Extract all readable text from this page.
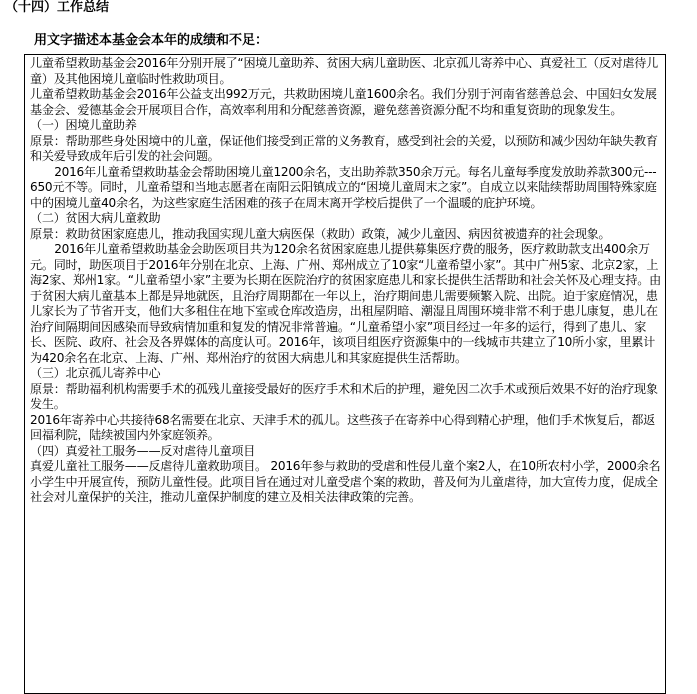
（十四）工作总结
用文字描述本基金会本年的成绩和不足：

儿童希望救助基金会2016年分别开展了“困境儿童助养、贫困大病儿童助医、北京孤儿寄养中心、真爱社工（反对虐待儿童）及其他困境儿童临时性救助项目。

儿童希望救助基金会2016年公益支出992万元，共救助困境儿童1600余名。我们分别于河南省慈善总会、中国妇女发展基金会、爱德基金会开展项目合作，高效率利用和分配慈善资源，避免慈善资源分配不均和重复资助的现象发生。

（一）困境儿童助养

原景：帮助那些身处困境中的儿童，保证他们接受到正常的义务教育，感受到社会的关爱，以预防和减少因幼年缺失教育和关爱导致成年后引发的社会问题。

2016年儿童希望救助基金会帮助困境儿童1200余名，支出助养款350余万元。每名儿童每季度发放助养款300元---650元不等。同时，儿童希望和当地志愿者在南阳云阳镇成立的“困境儿童周末之家”。自成立以来陆续帮助周围特殊家庭中的困境儿童40余名，为这些家庭生活困难的孩子在周末离开学校后提供了一个温暖的庇护环境。

（二）贫困大病儿童救助

原景：救助贫困家庭患儿，推动我国实现儿童大病医保（救助）政策，减少儿童因、病因贫被遗弃的社会现象。

2016年儿童希望救助基金会助医项目共为120余名贫困家庭患儿提供募集医疗费的服务，医疗救助款支出400余万元。同时，助医项目于2016年分别在北京、上海、广州、郑州成立了10家“儿童希望小家”。其中广州5家、北京2家，上海2家、郑州1家。“儿童希望小家”主要为长期在医院治疗的贫困家庭患儿和家长提供生活帮助和社会关怀及心理支持。由于贫困大病儿童基本上都是异地就医，且治疗周期都在一年以上，治疗期间患儿需要频繁入院、出院。迫于家庭情况，患儿家长为了节省开支，他们大多租住在地下室或仓库改造房，出租屋阴暗、潮湿且周围环境非常不利于患儿康复，患儿在治疗间隔期间因感染而导致病情加重和复发的情况非常普遍。“儿童希望小家”项目经过一年多的运行，得到了患儿、家长、医院、政府、社会及各界媒体的高度认可。2016年，该项目组医疗资源集中的一线城市共建立了10所小家，里累计为420余名在北京、上海、广州、郑州治疗的贫困大病患儿和其家庭提供生活帮助。

（三）北京孤儿寄养中心

原景：帮助福利机构需要手术的孤残儿童接受最好的医疗手术和术后的护理，避免因二次手术或预后效果不好的治疗现象发生。

2016年寄养中心共接待68名需要在北京、天津手术的孤儿。这些孩子在寄养中心得到精心护理，他们手术恢复后，都返回福利院，陆续被国内外家庭领养。

（四）真爱社工服务——反对虐待儿童项目

真爱儿童社工服务——反虐待儿童救助项目。 2016年参与救助的受虐和性侵儿童个案2人，在10所农村小学，2000余名小学生中开展宣传，预防儿童性侵。此项目旨在通过对儿童受虐个案的救助，普及何为儿童虐待，加大宣传力度，促成全社会对儿童保护的关注，推动儿童保护制度的建立及相关法律政策的完善。
